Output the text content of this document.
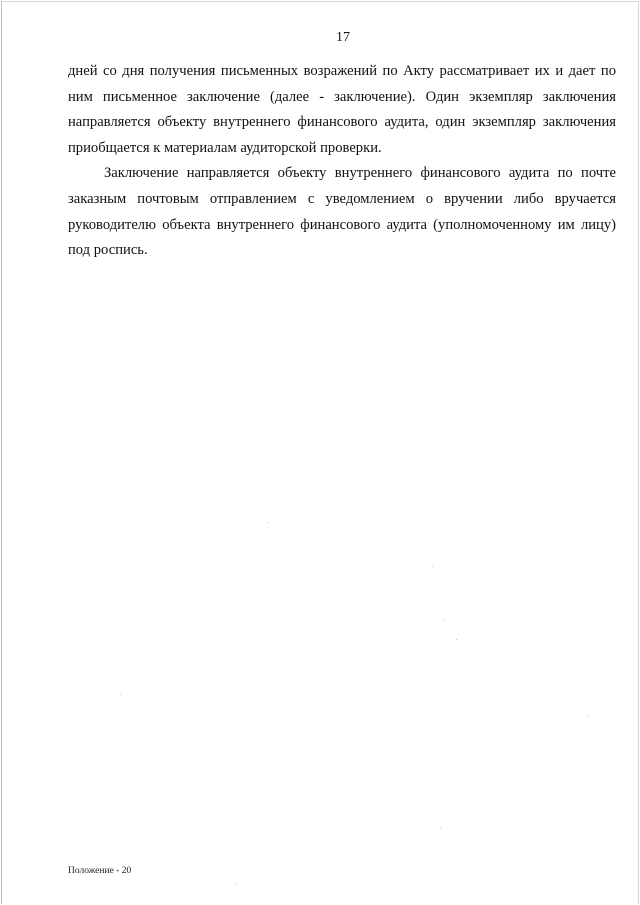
17

дней со дня получения письменных возражений по Акту рассматривает их и дает по ним письменное заключение (далее - заключение). Один экземпляр заключения направляется объекту внутреннего финансового аудита, один экземпляр заключения приобщается к материалам аудиторской проверки.

Заключение направляется объекту внутреннего финансового аудита по почте заказным почтовым отправлением с уведомлением о вручении либо вручается руководителю объекта внутреннего финансового аудита (уполномоченному им лицу) под роспись.

Положение - 20
